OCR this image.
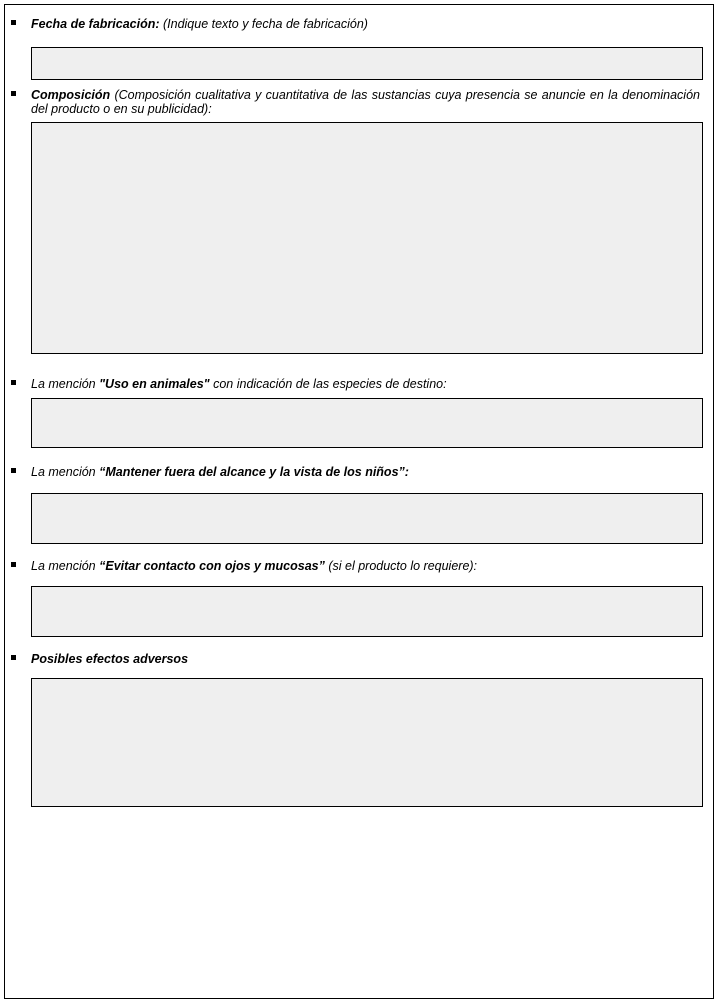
Fecha de fabricación: (Indique texto y fecha de fabricación)
Composición (Composición cualitativa y cuantitativa de las sustancias cuya presencia se anuncie en la denominación del producto o en su publicidad):
La mención "Uso en animales" con indicación de las especies de destino:
La mención “Mantener fuera del alcance y la vista de los niños”:
La mención “Evitar contacto con ojos y mucosas” (si el producto lo requiere):
Posibles efectos adversos
